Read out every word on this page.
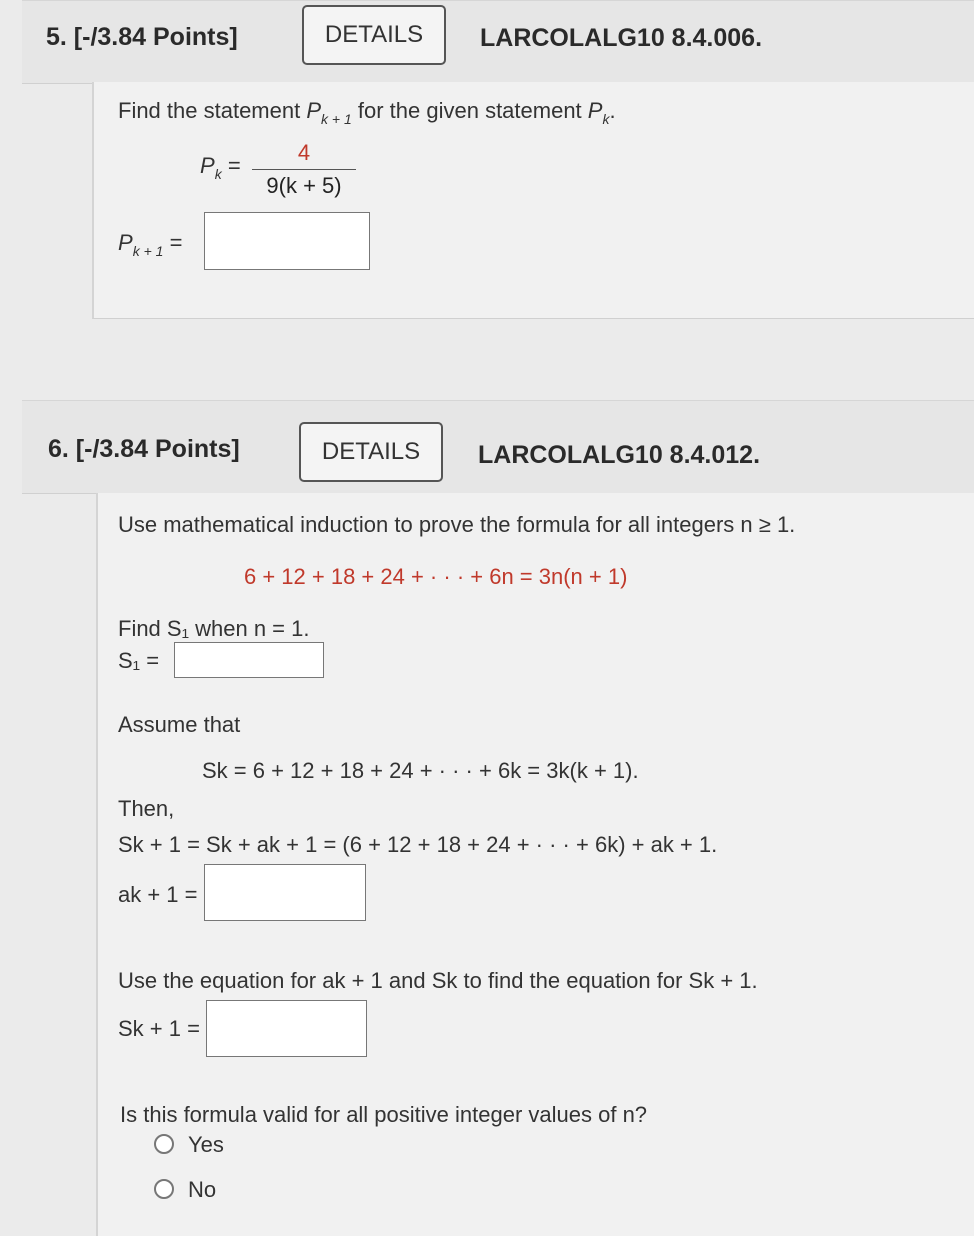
5. [-/3.84 Points]	DETAILS	LARCOLALG10 8.4.006.
Find the statement $P_{k + 1}$ for the given statement $P_k$.
$P_k$ =
4
9(k + 5)
$P_{k + 1}$ =
6. [-/3.84 Points]	DETAILS	LARCOLALG10 8.4.012.
Use mathematical induction to prove the formula for all integers n ≥ 1.
6 + 12 + 18 + 24 + · · · + 6n = 3n(n + 1)
Find S₁ when n = 1.
S₁ =
Assume that
Sk = 6 + 12 + 18 + 24 + · · · + 6k = 3k(k + 1).
Then,
Sk + 1 = Sk + ak + 1 = (6 + 12 + 18 + 24 + · · · + 6k) + ak + 1.
ak + 1 =
Use the equation for ak + 1 and Sk to find the equation for Sk + 1.
Sk + 1 =
Is this formula valid for all positive integer values of n?
Yes
No
